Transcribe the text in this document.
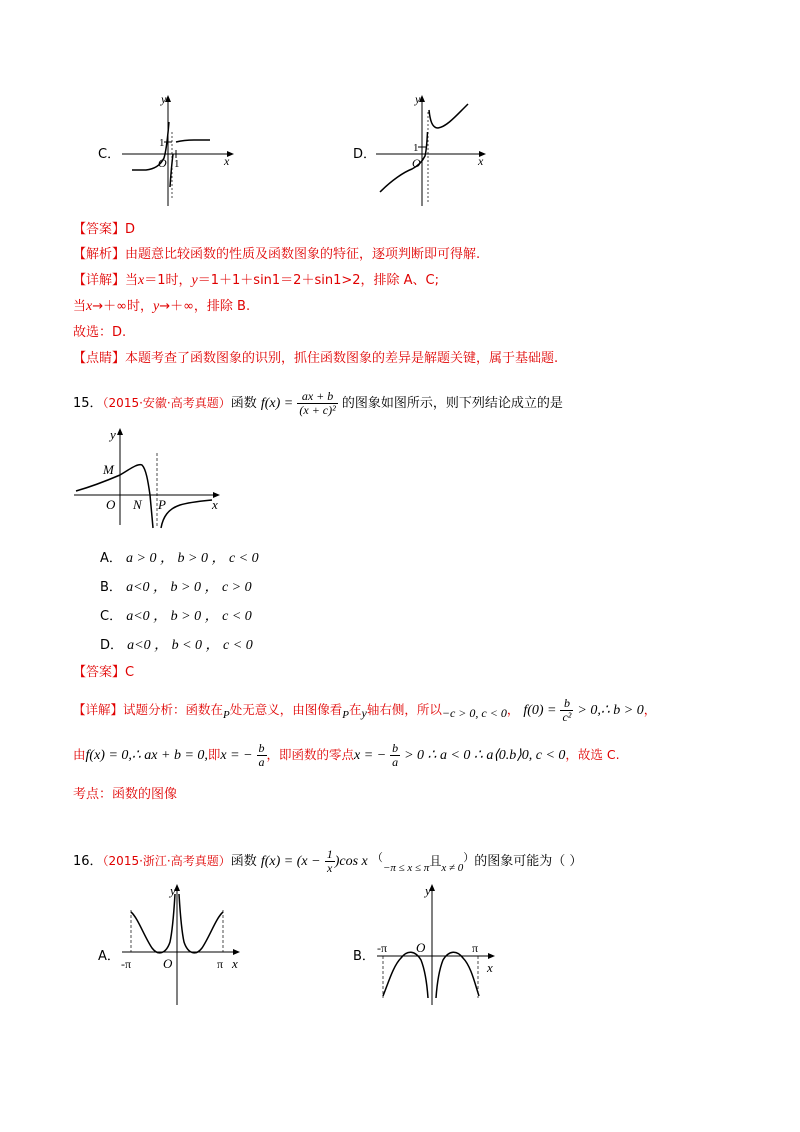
C．
y
x
O 1
1
D．
y
x
O
1
【答案】D
【解析】由题意比较函数的性质及函数图象的特征，逐项判断即可得解.
【详解】当x＝1时，y＝1＋1＋sin1＝2＋sin1>2，排除 A、C;
当x→＋∞时，y→＋∞，排除 B.
故选：D.
【点睛】本题考查了函数图象的识别，抓住函数图象的差异是解题关键，属于基础题.
15．（2015·安徽·高考真题）函数 $f(x) = \frac{ax + b}{\text{(x + c)²}}$ 的图象如图所示，则下列结论成立的是
y
x
M
O N P
A． a > 0 ， b > 0 ， c < 0
B． a<0 ， b > 0 ， c > 0
C． a<0 ， b > 0 ， c < 0
D． a<0 ， b < 0 ， c < 0
【答案】C
【详解】试题分析：函数在P处无意义，由图像看P在y轴右侧，所以−c > 0, c < 0， $f(0) = \frac{b}{\text{c²}}$ > 0,∴ b > 0，
由f(x) = 0,∴ ax + b = 0,即x = − $\frac{b}{a}$ ，即函数的零点x = − $\frac{b}{a} > 0$ ∴ a < 0 ∴ a⟨0.b⟩0, c < 0，故选 C.
考点：函数的图像
16．（2015·浙江·高考真题）函数 $f(x) = (x - \frac{1}{x} )\cos$ x （$_{-\pi \le x \le \pi}$且$_{x \ne 0}$）的图象可能为（ ）
A．
y
x
O
-π	π	B．
y
x
O
-π	π
